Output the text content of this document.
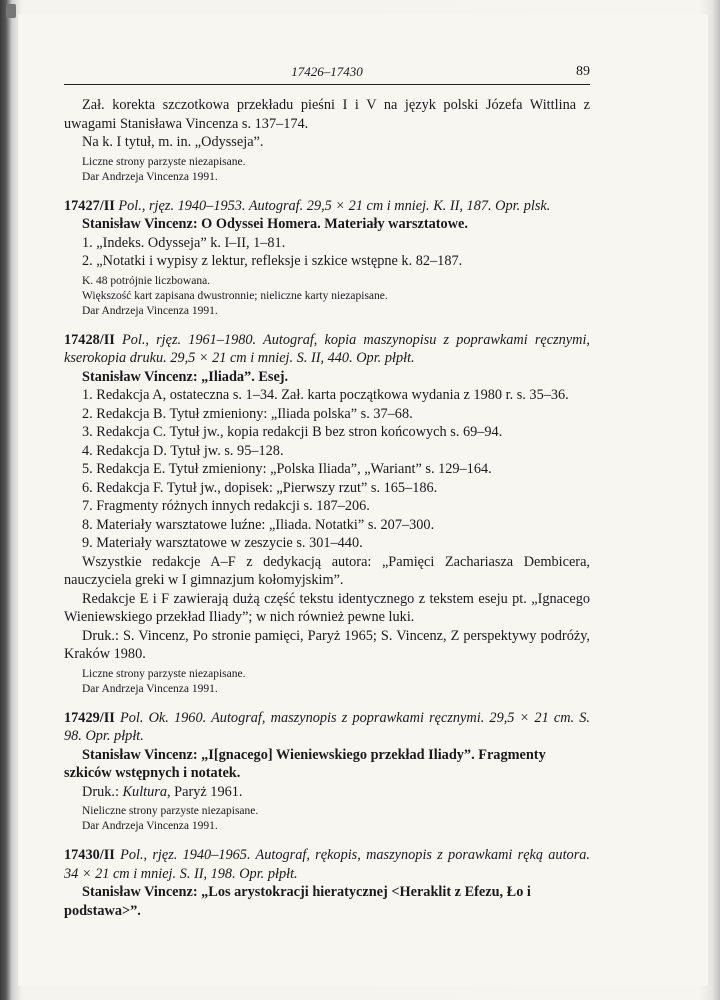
17426–17430	89

Zał. korekta szczotkowa przekładu pieśni I i V na język polski Józefa Wittlina z uwagami Stanisława Vincenza s. 137–174.

Na k. I tytuł, m. in. „Odysseja”.

Liczne strony parzyste niezapisane.

Dar Andrzeja Vincenza 1991.

17427/II Pol., rjęz. 1940–1953. Autograf. 29,5 × 21 cm i mniej. K. II, 187. Opr. plsk.

Stanisław Vincenz: O Odyssei Homera. Materiały warsztatowe.

1. „Indeks. Odysseja” k. I–II, 1–81.

2. „Notatki i wypisy z lektur, refleksje i szkice wstępne k. 82–187.

K. 48 potrójnie liczbowana.

Większość kart zapisana dwustronnie; nieliczne karty niezapisane.

Dar Andrzeja Vincenza 1991.

17428/II Pol., rjęz. 1961–1980. Autograf, kopia maszynopisu z poprawkami ręcznymi, kserokopia druku. 29,5 × 21 cm i mniej. S. II, 440. Opr. płpłt.

Stanisław Vincenz: „Iliada”. Esej.

1. Redakcja A, ostateczna s. 1–34. Zał. karta początkowa wydania z 1980 r. s. 35–36.

2. Redakcja B. Tytuł zmieniony: „Iliada polska” s. 37–68.

3. Redakcja C. Tytuł jw., kopia redakcji B bez stron końcowych s. 69–94.

4. Redakcja D. Tytuł jw. s. 95–128.

5. Redakcja E. Tytuł zmieniony: „Polska Iliada”, „Wariant” s. 129–164.

6. Redakcja F. Tytuł jw., dopisek: „Pierwszy rzut” s. 165–186.

7. Fragmenty różnych innych redakcji s. 187–206.

8. Materiały warsztatowe luźne: „Iliada. Notatki” s. 207–300.

9. Materiały warsztatowe w zeszycie s. 301–440.

Wszystkie redakcje A–F z dedykacją autora: „Pamięci Zachariasza Dembicera, nauczyciela greki w I gimnazjum kołomyjskim”.

Redakcje E i F zawierają dużą część tekstu identycznego z tekstem eseju pt. „Ignacego Wieniewskiego przekład Iliady”; w nich również pewne luki.

Druk.: S. Vincenz, Po stronie pamięci, Paryż 1965; S. Vincenz, Z perspektywy podróży, Kraków 1980.

Liczne strony parzyste niezapisane.

Dar Andrzeja Vincenza 1991.

17429/II Pol. Ok. 1960. Autograf, maszynopis z poprawkami ręcznymi. 29,5 × 21 cm. S. 98. Opr. płpłt.

Stanisław Vincenz: „I[gnacego] Wieniewskiego przekład Iliady”. Fragmenty szkiców wstępnych i notatek.

Druk.: Kultura, Paryż 1961.

Nieliczne strony parzyste niezapisane.

Dar Andrzeja Vincenza 1991.

17430/II Pol., rjęz. 1940–1965. Autograf, rękopis, maszynopis z porawkami ręką autora. 34 × 21 cm i mniej. S. II, 198. Opr. płpłt.

Stanisław Vincenz: „Los arystokracji hieratycznej <Heraklit z Efezu, Ło i podstawa>”.
